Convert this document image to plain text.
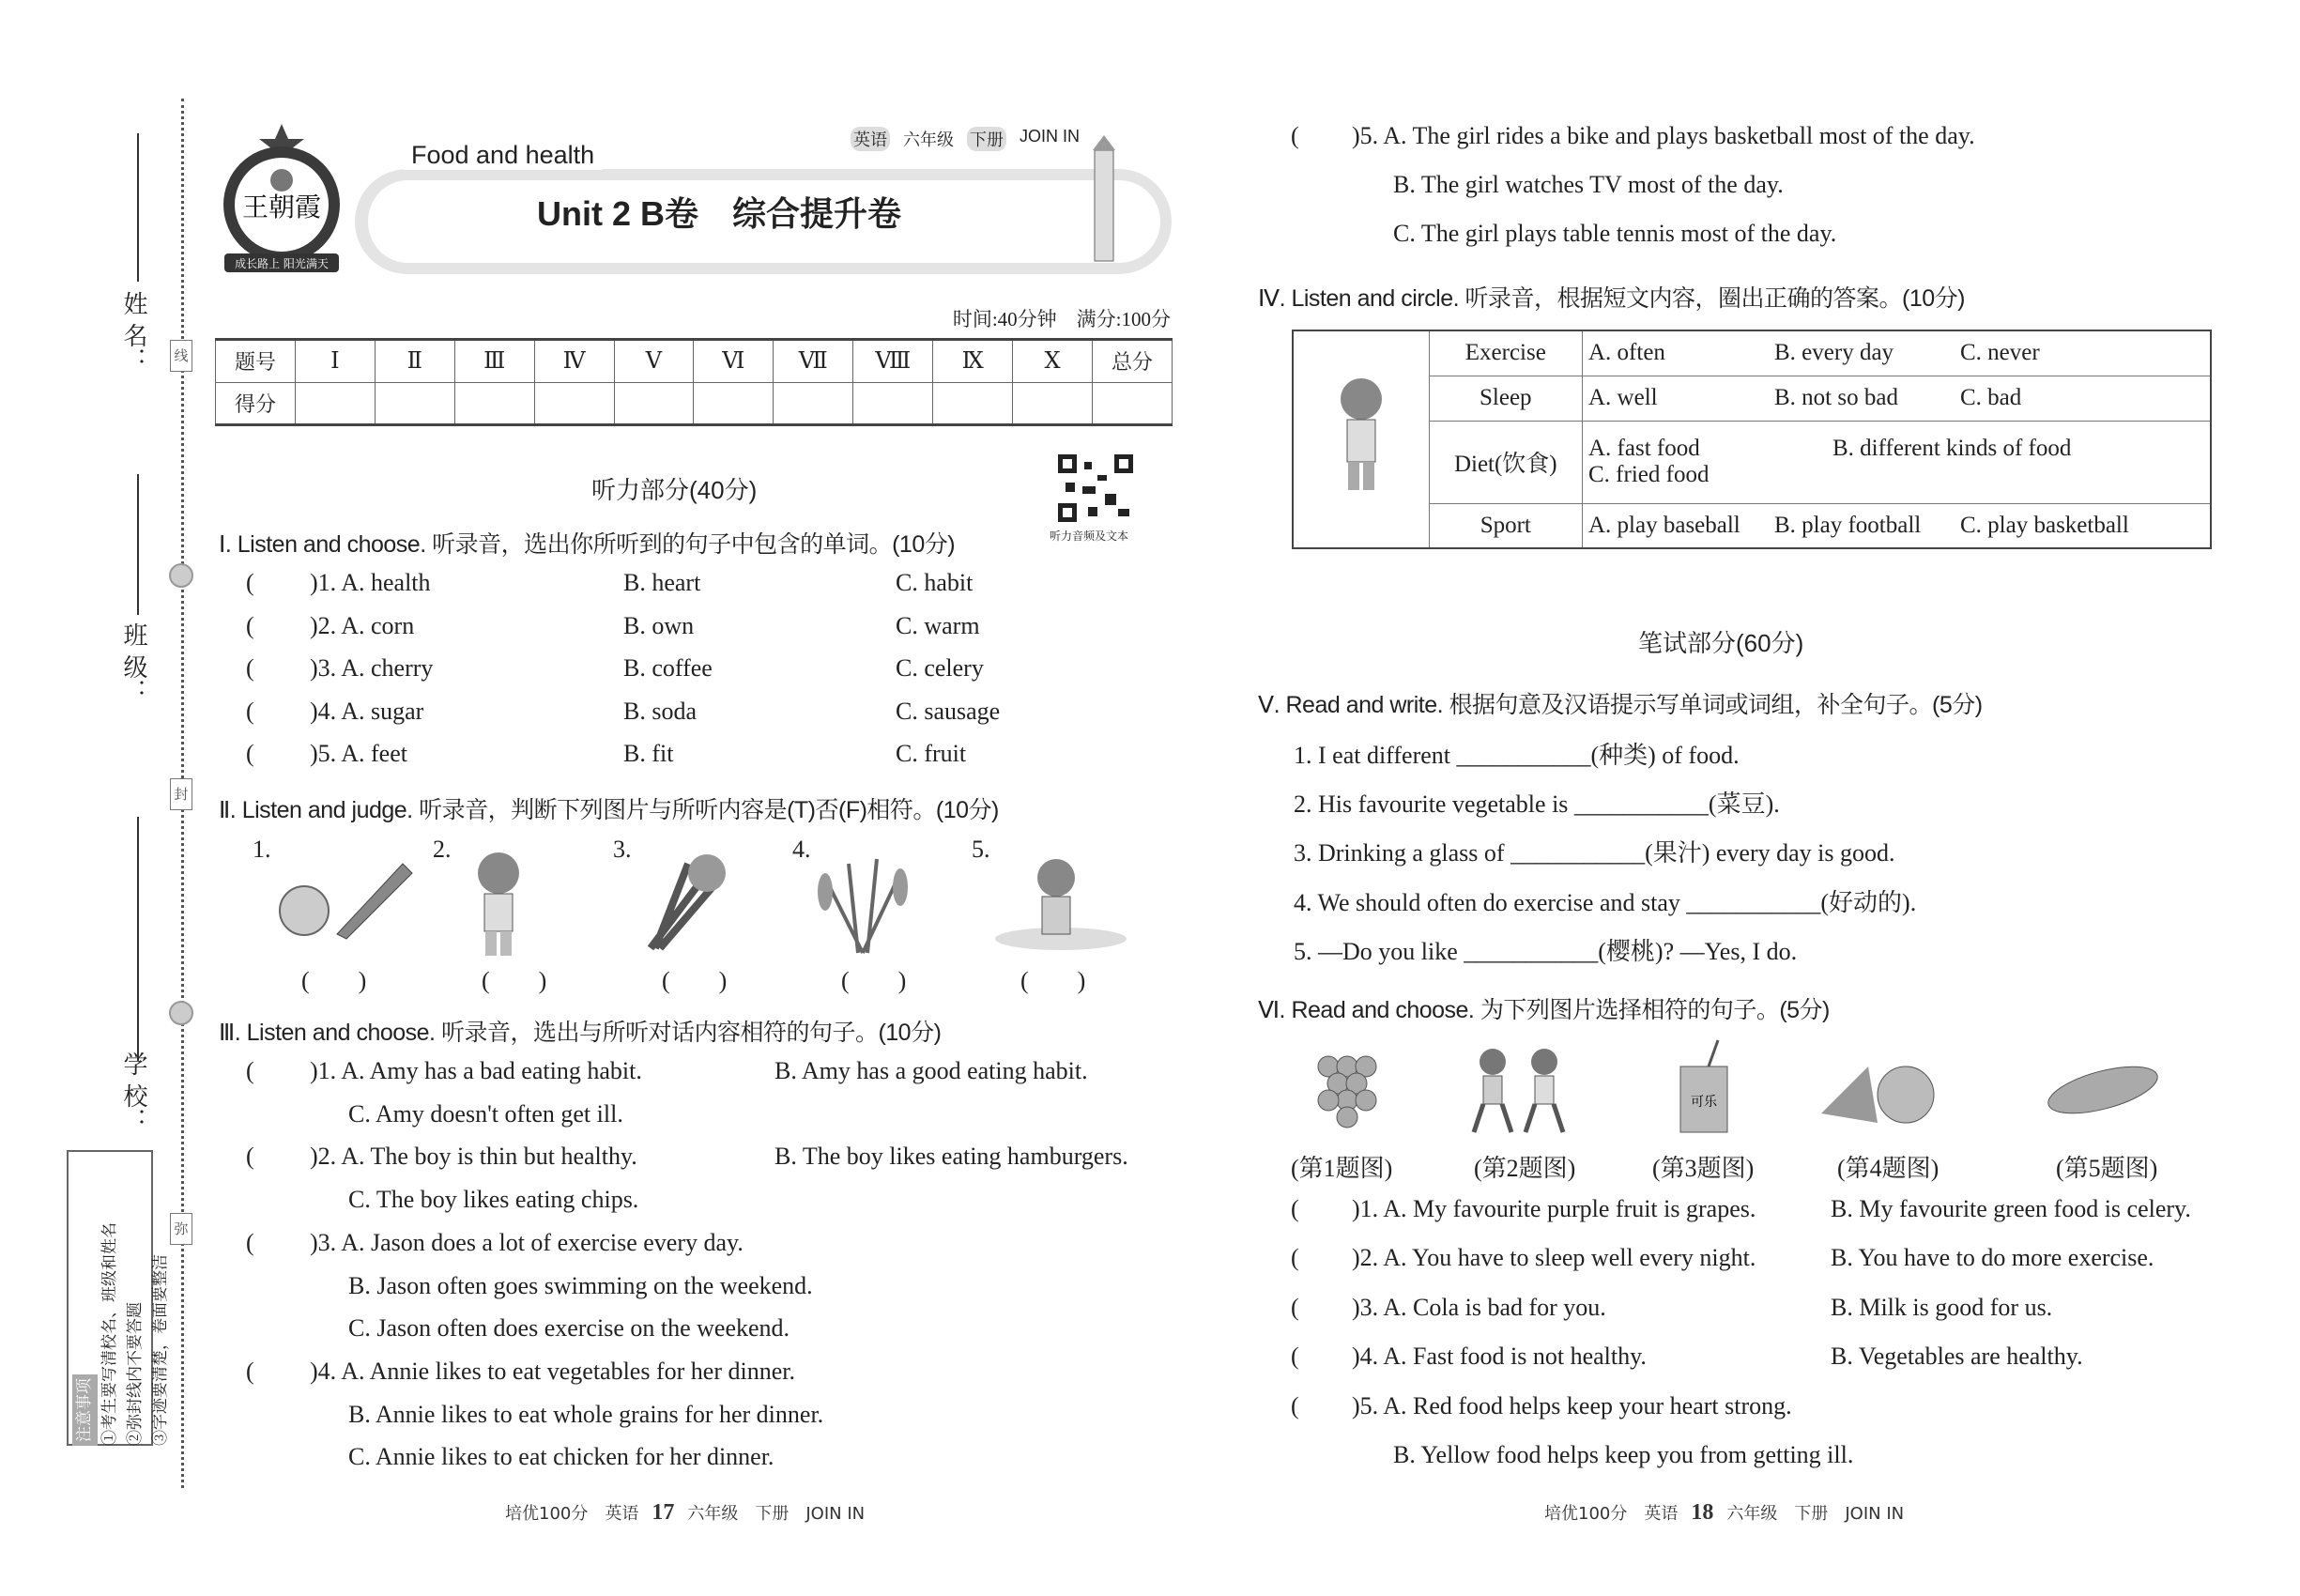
姓 名：
班 级：
学 校：
线
封
弥
注意事项 ①考生要写清校名、班级和姓名 ②弥封线内不要答题 ③字迹要清楚，卷面要整洁
王朝霞
成长路上 阳光满天
Food and health
英语 六年级 下册 JOIN IN
Unit 2 B卷　综合提升卷
时间:40分钟　满分:100分
题号	Ⅰ	Ⅱ	Ⅲ	Ⅳ	Ⅴ	Ⅵ	Ⅶ	Ⅷ	Ⅸ	Ⅹ	总分
得分											
听力部分(40分)
听力音频及文本
Ⅰ. Listen and choose. 听录音，选出你所听到的句子中包含的单词。(10分)
( )1. A. health	B. heart	C. habit
( )2. A. corn	B. own	C. warm
( )3. A. cherry	B. coffee	C. celery
( )4. A. sugar	B. soda	C. sausage
( )5. A. feet	B. fit	C. fruit
Ⅱ. Listen and judge. 听录音，判断下列图片与所听内容是(T)否(F)相符。(10分)
1.
(　　)
2.
(　　)
3.
(　　)
4.
(　　)
5.
(　　)
Ⅲ. Listen and choose. 听录音，选出与所听对话内容相符的句子。(10分)
( )1. A. Amy has a bad eating habit.	B. Amy has a good eating habit.
C. Amy doesn't often get ill.
( )2. A. The boy is thin but healthy.	B. The boy likes eating hamburgers.
C. The boy likes eating chips.
( )3. A. Jason does a lot of exercise every day.
B. Jason often goes swimming on the weekend.
C. Jason often does exercise on the weekend.
( )4. A. Annie likes to eat vegetables for her dinner.
B. Annie likes to eat whole grains for her dinner.
C. Annie likes to eat chicken for her dinner.
培优100分　英语 17 六年级　下册　JOIN IN
( )5. A. The girl rides a bike and plays basketball most of the day.
B. The girl watches TV most of the day.
C. The girl plays table tennis most of the day.
Ⅳ. Listen and circle. 听录音，根据短文内容，圈出正确的答案。(10分)
	Exercise	A. often B. every day C. never

	Sleep	A. well B. not so bad C. bad

	Diet(饮食)	A. fast food B. different kinds of food
C. fried food

	Sport	A. play baseball B. play football C. play basketball
笔试部分(60分)
Ⅴ. Read and write. 根据句意及汉语提示写单词或词组，补全句子。(5分)
1. I eat different ___________(种类) of food.
2. His favourite vegetable is ___________(菜豆).
3. Drinking a glass of ___________(果汁) every day is good.
4. We should often do exercise and stay ___________(好动的).
5. —Do you like ___________(樱桃)? —Yes, I do.
Ⅵ. Read and choose. 为下列图片选择相符的句子。(5分)
(第1题图)	(第2题图)
可乐
(第3题图)	(第4题图)	(第5题图)
( )1. A. My favourite purple fruit is grapes.	B. My favourite green food is celery.
( )2. A. You have to sleep well every night.	B. You have to do more exercise.
( )3. A. Cola is bad for you.	B. Milk is good for us.
( )4. A. Fast food is not healthy.	B. Vegetables are healthy.
( )5. A. Red food helps keep your heart strong.
B. Yellow food helps keep you from getting ill.
培优100分　英语 18 六年级　下册　JOIN IN
